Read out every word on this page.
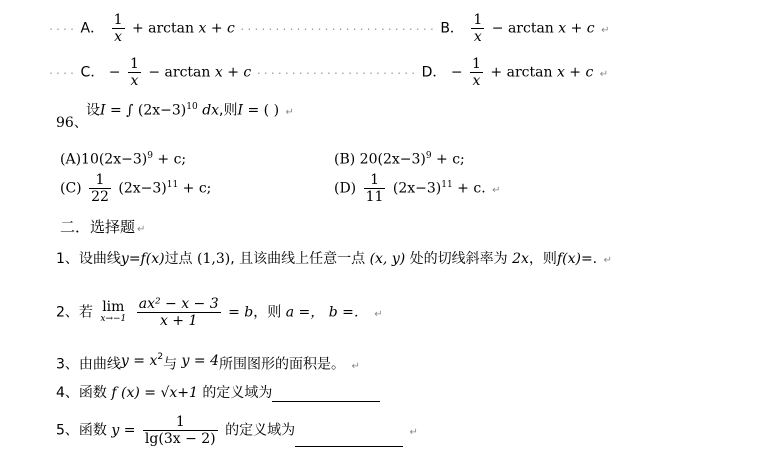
···· A． $\frac{1}{x} + \arctan x + c$ ···························· B． $\frac{1}{x} - \arctan x + c$ ↵
···· C． − $\frac{1}{x} - \arctan x + c$ ······················· D． − $\frac{1}{x} + \arctan x + c$ ↵
设I = ∫ $(2x-3)^{10}$ dx,则I = ( ) ↵
96、
$(A)10(2x-3)^9 + c$;	(B) $20(2x-3)^9 + c$;
$(C) \frac{1}{22} (2x-3)^{11} + c$;	$(D) \frac{1}{11} (2x-3)^{11} + c$. ↵
二．选择题 ↵
1、设曲线y=f(x)过点 (1,3), 且该曲线上任意一点 (x, y) 处的切线斜率为 2x，则f(x)=. ↵
2、若 lim
x→−1
$\frac{\text{ax² − x − 3}}{x + 1} = b$，则 a =， b =． ↵
3、由曲线$y = x^2$与 y = 4所围图形的面积是。 ↵
4、函数 f (x) = √x+1 的定义域为
5、函数 $y = \frac{1}{\lg(3x - 2)}$ 的定义域为	↵
